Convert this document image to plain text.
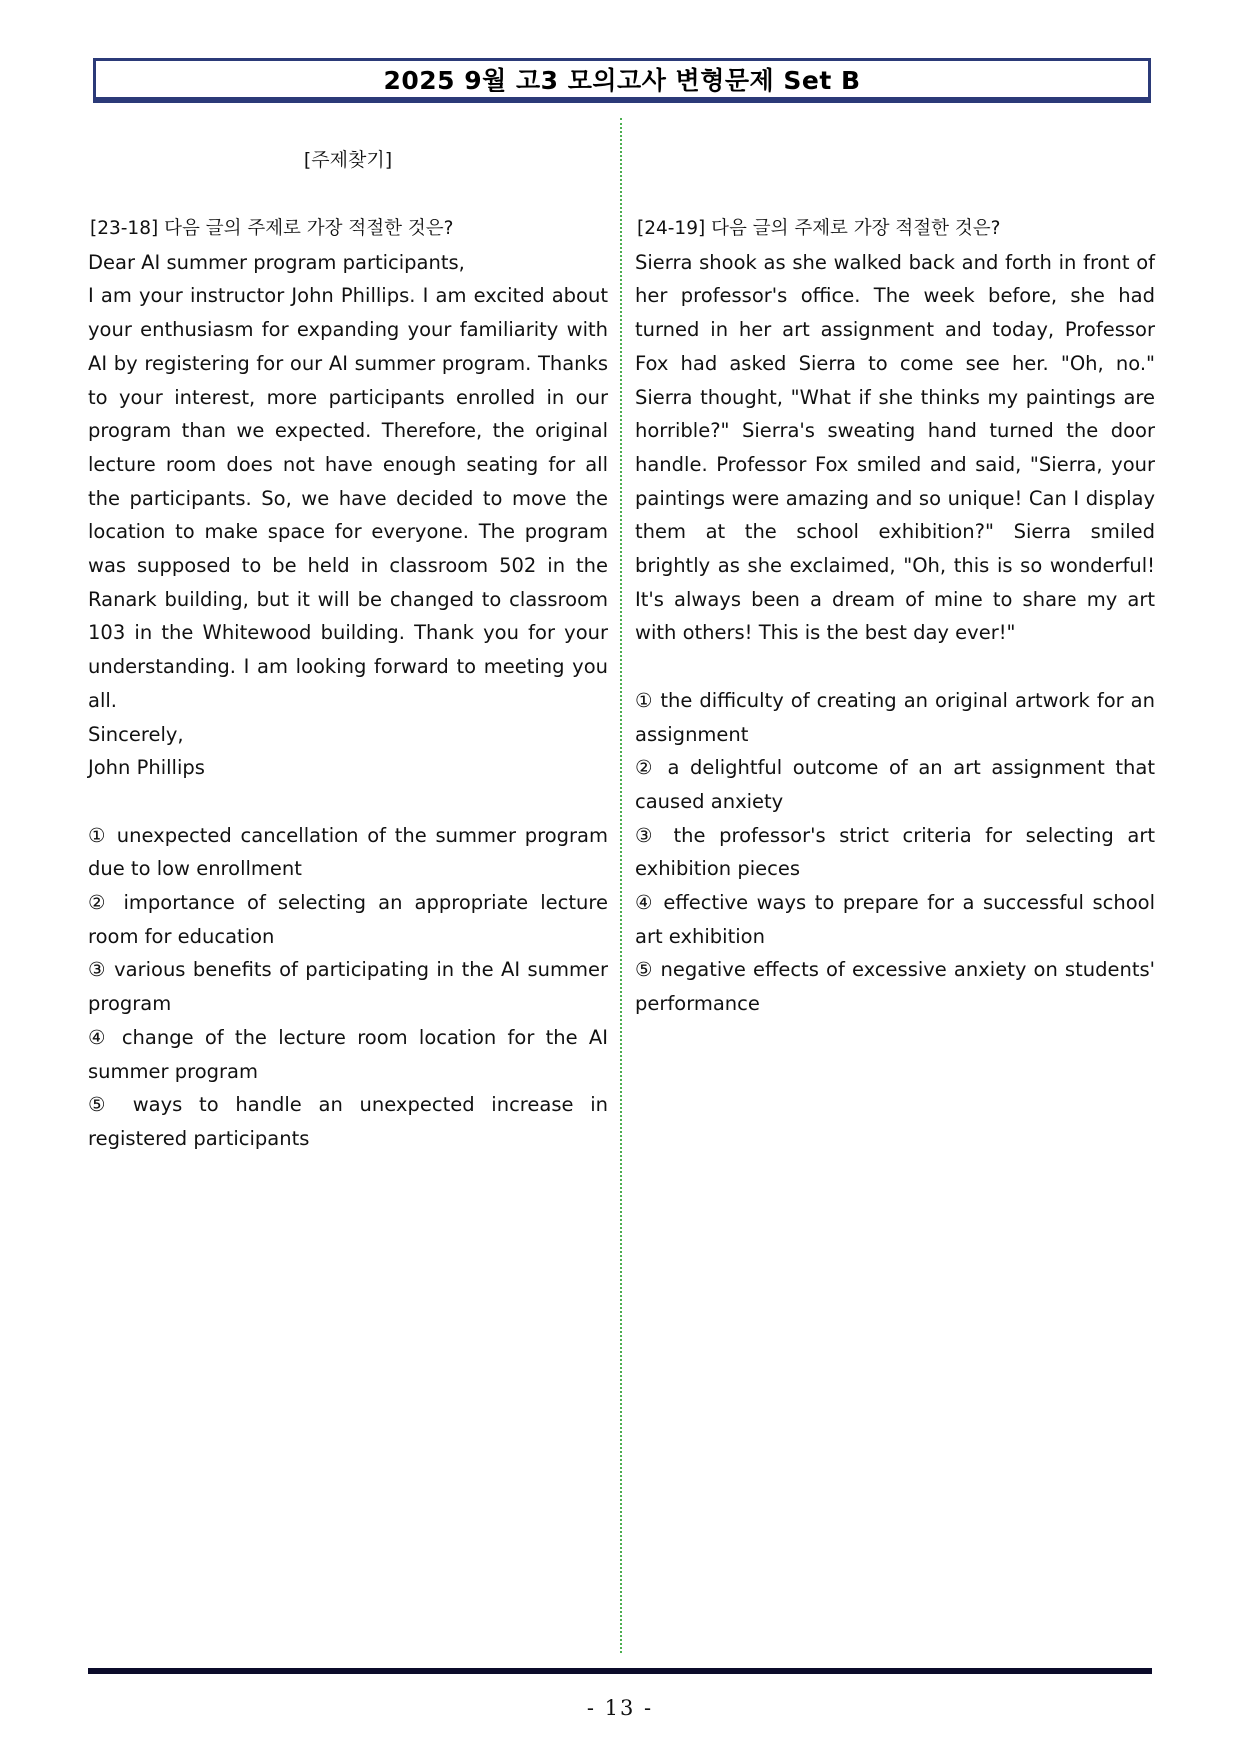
2025 9월 고3 모의고사 변형문제 Set B
[주제찾기]

[23-18] 다음 글의 주제로 가장 적절한 것은?

Dear AI summer program participants,

I am your instructor John Phillips. I am excited about your enthusiasm for expanding your familiarity with AI by registering for our AI summer program. Thanks to your interest, more participants enrolled in our program than we expected. Therefore, the original lecture room does not have enough seating for all the participants. So, we have decided to move the location to make space for everyone. The program was supposed to be held in classroom 502 in the Ranark building, but it will be changed to classroom 103 in the Whitewood building. Thank you for your understanding. I am looking forward to meeting you all.

Sincerely,

John Phillips

① unexpected cancellation of the summer program due to low enrollment

② importance of selecting an appropriate lecture room for education

③ various benefits of participating in the AI summer program

④ change of the lecture room location for the AI summer program

⑤ ways to handle an unexpected increase in registered participants

[24-19] 다음 글의 주제로 가장 적절한 것은?

Sierra shook as she walked back and forth in front of her professor's office. The week before, she had turned in her art assignment and today, Professor Fox had asked Sierra to come see her. "Oh, no." Sierra thought, "What if she thinks my paintings are horrible?" Sierra's sweating hand turned the door handle. Professor Fox smiled and said, "Sierra, your paintings were amazing and so unique! Can I display them at the school exhibition?" Sierra smiled brightly as she exclaimed, "Oh, this is so wonderful! It's always been a dream of mine to share my art with others! This is the best day ever!"

① the difficulty of creating an original artwork for an assignment

② a delightful outcome of an art assignment that caused anxiety

③ the professor's strict criteria for selecting art exhibition pieces

④ effective ways to prepare for a successful school art exhibition

⑤ negative effects of excessive anxiety on students' performance

- 13 -
